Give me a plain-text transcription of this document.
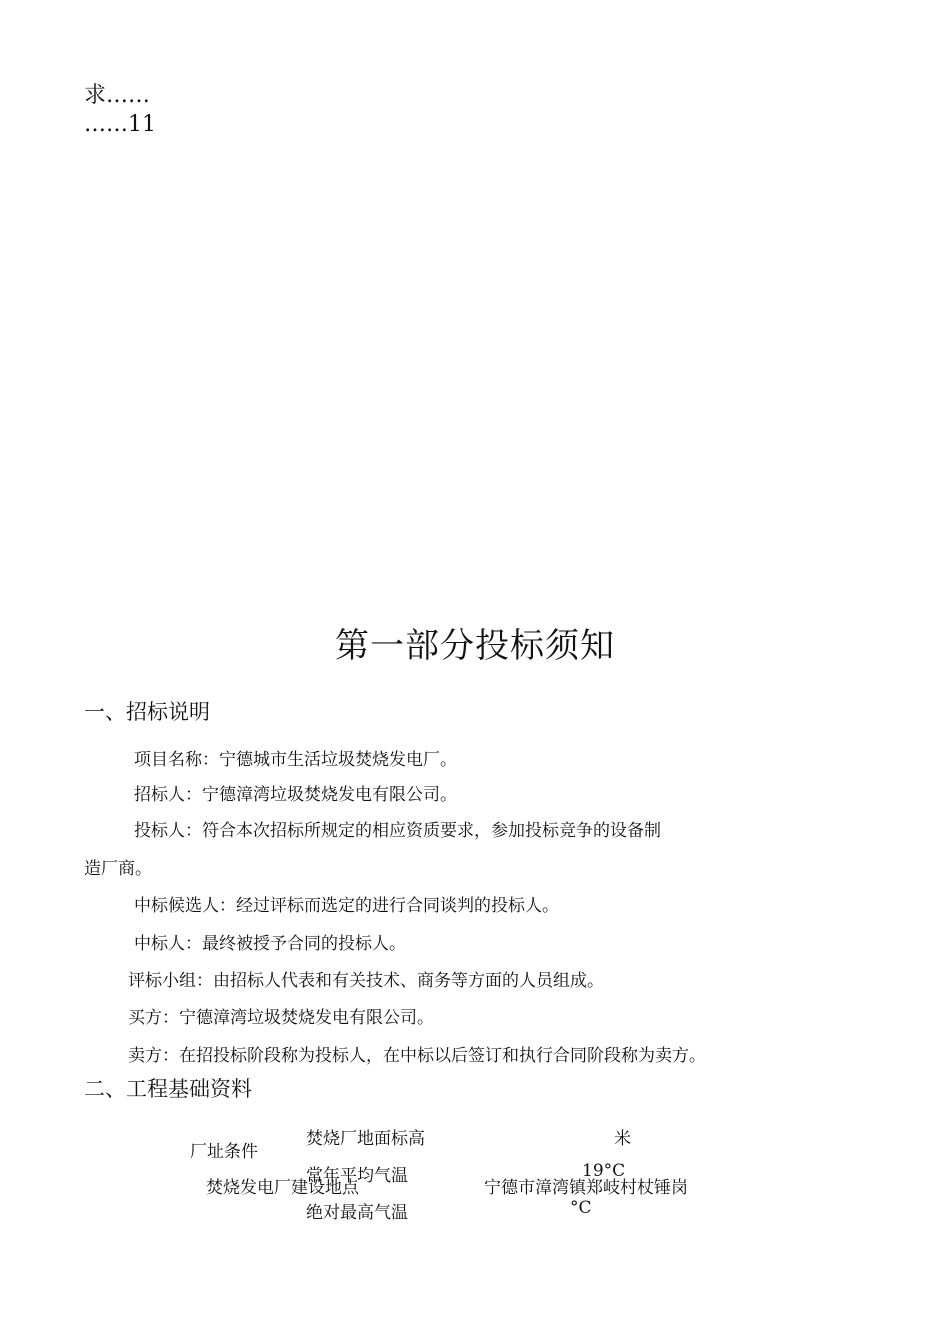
求……
……11
第一部分投标须知
一、招标说明
项目名称：宁德城市生活垃圾焚烧发电厂。
招标人：宁德漳湾垃圾焚烧发电有限公司。
投标人：符合本次招标所规定的相应资质要求，参加投标竞争的设备制
造厂商。
中标候选人：经过评标而选定的进行合同谈判的投标人。
中标人：最终被授予合同的投标人。
评标小组：由招标人代表和有关技术、商务等方面的人员组成。
买方：宁德漳湾垃圾焚烧发电有限公司。
卖方：在招投标阶段称为投标人，在中标以后签订和执行合同阶段称为卖方。
二、工程基础资料
焚烧厂地面标高	米
厂址条件
常年平均气温	19°C
焚烧发电厂建设地点	宁德市漳湾镇郑岐村杖锤岗
绝对最高气温	°C
